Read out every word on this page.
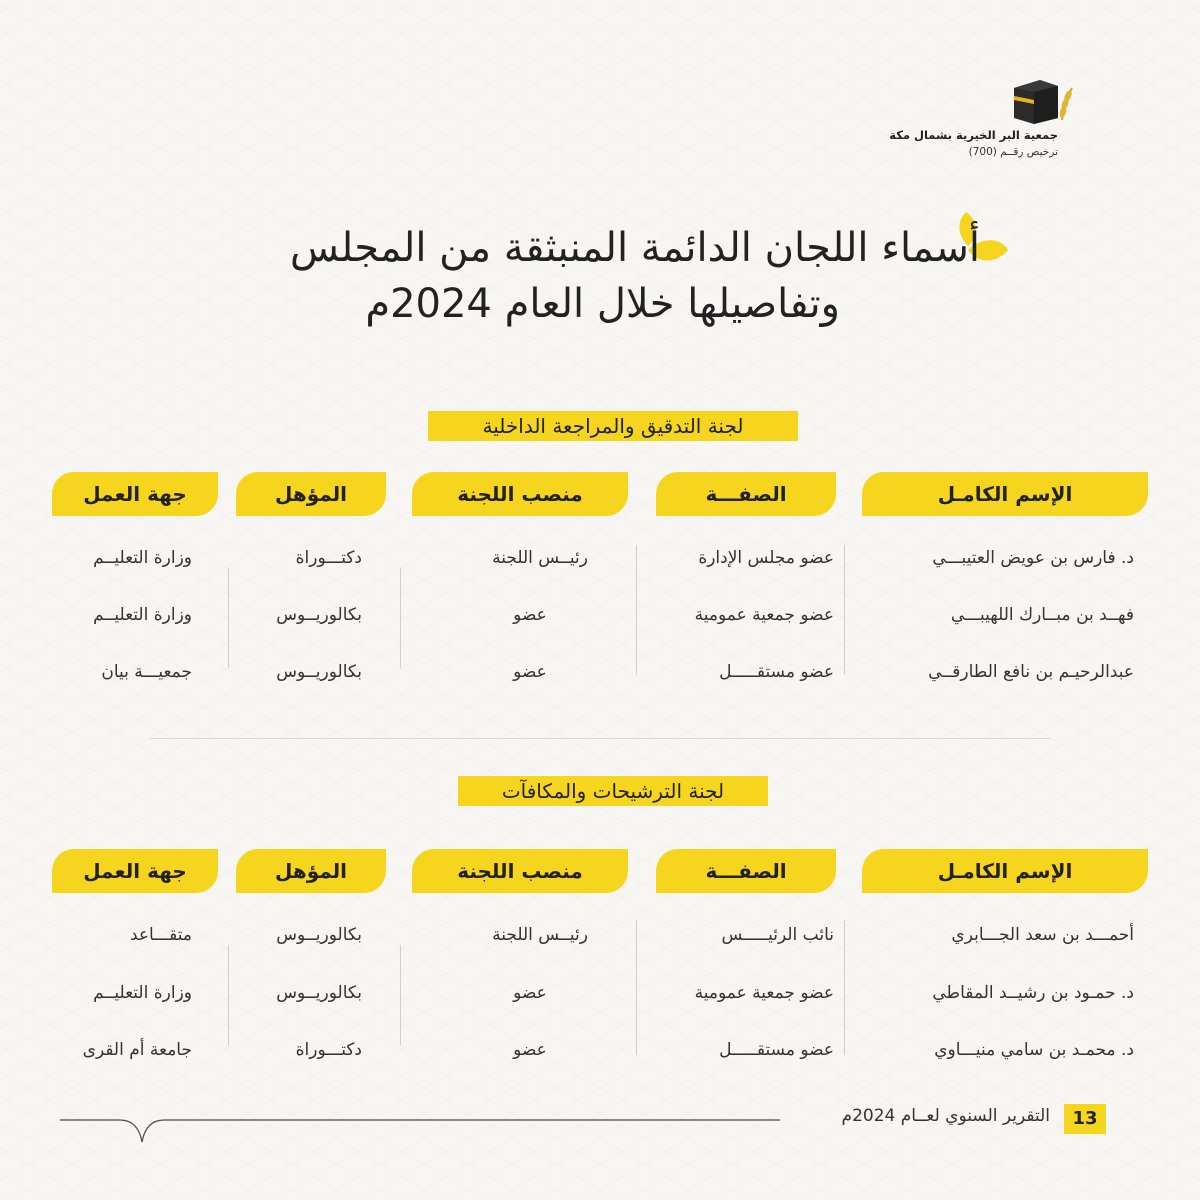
جمعية البر الخيرية بشمال مكة
ترخيص رقــم (700)
أسماء اللجان الدائمة المنبثقة من المجلس
وتفاصيلها خلال العام 2024م
لجنة التدقيق والمراجعة الداخلية
الإسم الكامـل
الصفـــة
منصب اللجنة
المؤهل
جهة العمل
د. فارس بن عويض العتيبـــي
عضو مجلس الإدارة
رئيــس اللجنة
دكتـــوراة
وزارة التعليــم
فهــد بن مبــارك اللهيبـــي
عضو جمعية عمومية
عضو
بكالوريــوس
وزارة التعليــم
عبدالرحيـم بن نافع الطارقــي
عضو مستقـــــل
عضو
بكالوريــوس
جمعيـــة بيان
لجنة الترشيحات والمكافآت
الإسم الكامـل
الصفـــة
منصب اللجنة
المؤهل
جهة العمل
أحمـــد بن سعد الجـــابري
نائب الرئيـــــس
رئيــس اللجنة
بكالوريــوس
متقـــاعد
د. حمـود بن رشيــد المقاطي
عضو جمعية عمومية
عضو
بكالوريــوس
وزارة التعليــم
د. محمـد بن سامي منيـــاوي
عضو مستقـــــل
عضو
دكتـــوراة
جامعة أم القرى
التقرير السنوي لعــام 2024م	13
